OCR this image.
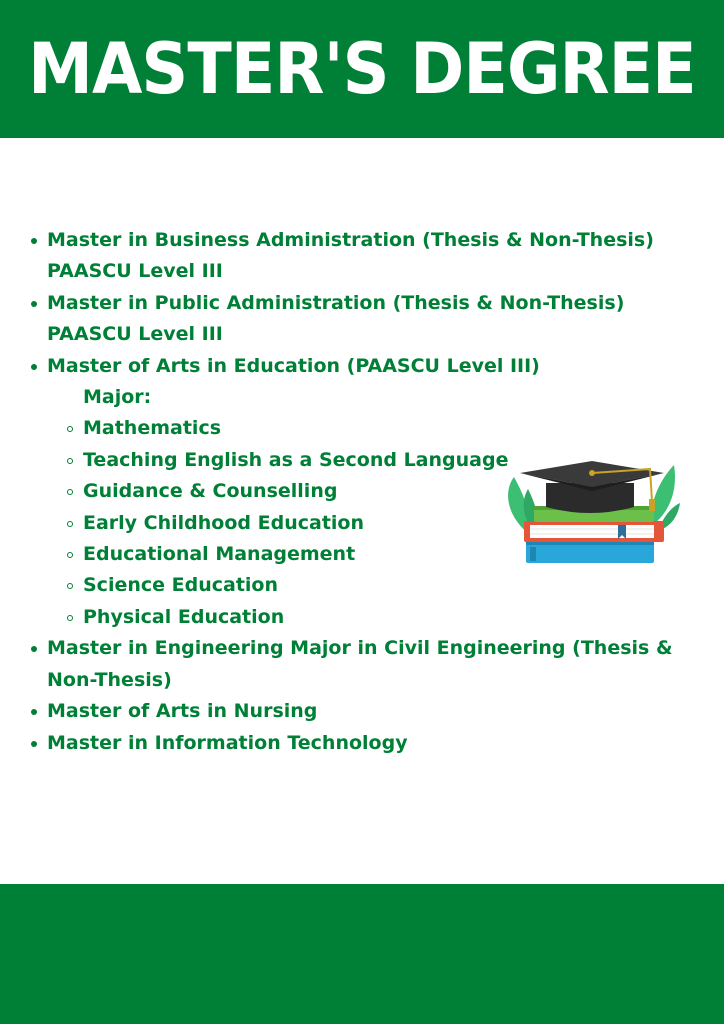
MASTER'S DEGREE
Master in Business Administration (Thesis & Non-Thesis) PAASCU Level III
Master in Public Administration (Thesis & Non-Thesis) PAASCU Level III
Master of Arts in Education (PAASCU Level III)
Major:
Mathematics
Teaching English as a Second Language
Guidance & Counselling
Early Childhood Education
Educational Management
Science Education
Physical Education
Master in Engineering Major in Civil Engineering (Thesis & Non-Thesis)
Master of Arts in Nursing
Master in Information Technology
